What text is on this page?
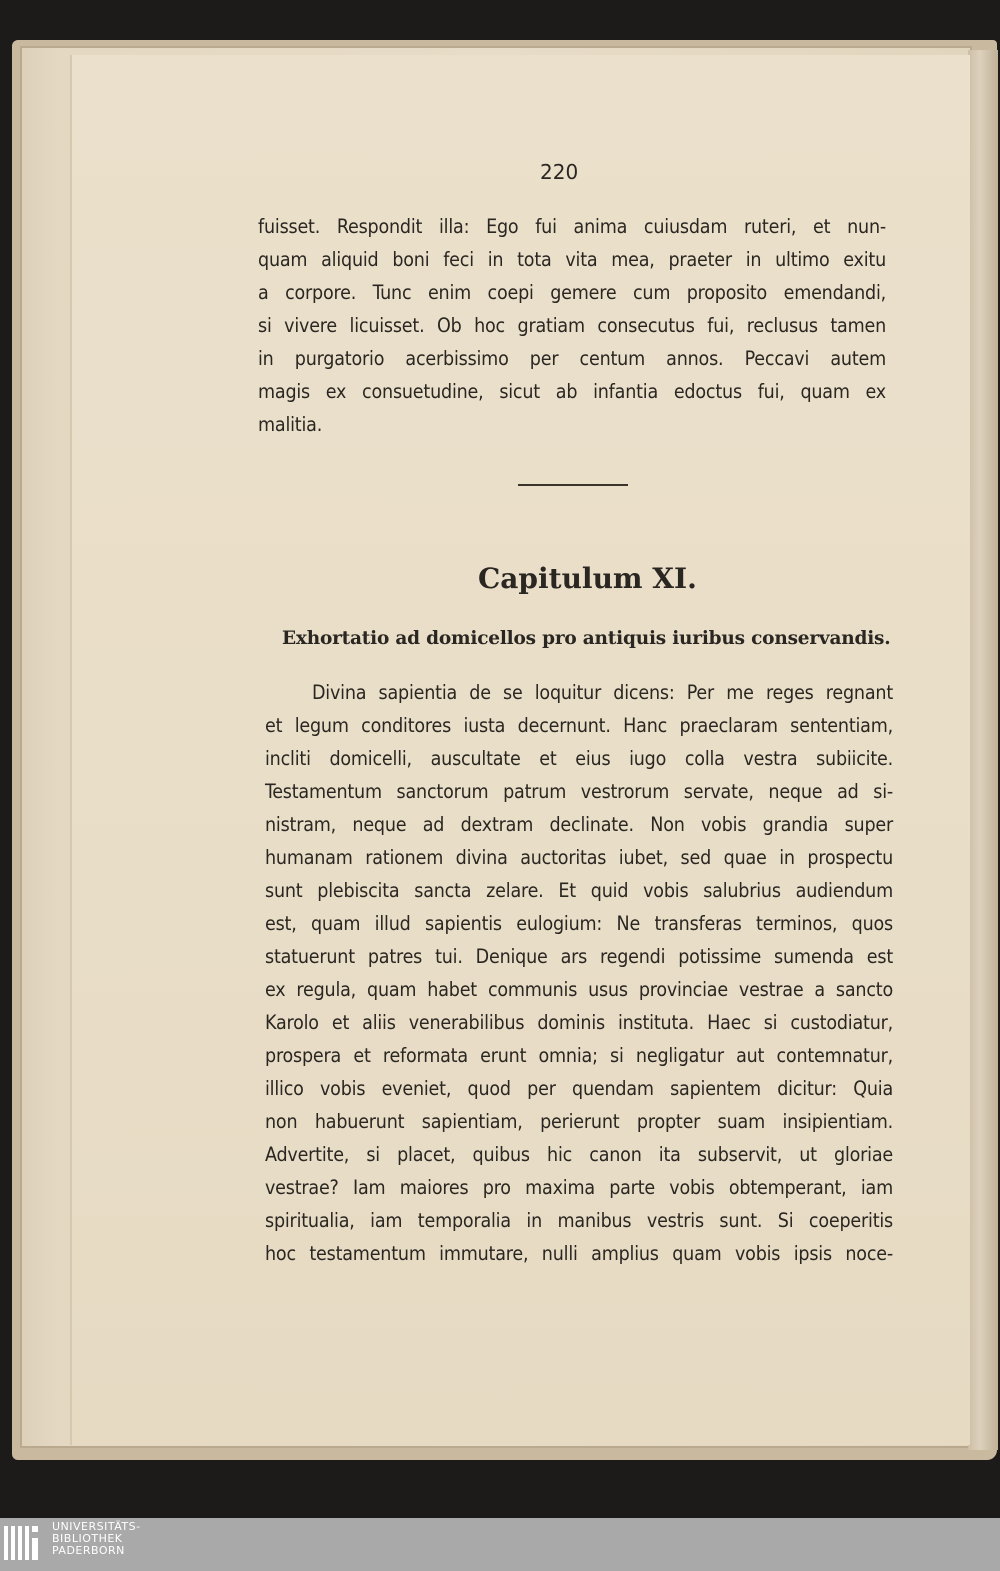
220
fuisset. Respondit illa: Ego fui anima cuiusdam ruteri, et nun-
quam aliquid boni feci in tota vita mea, praeter in ultimo exitu
a corpore. Tunc enim coepi gemere cum proposito emendandi,
si vivere licuisset. Ob hoc gratiam consecutus fui, reclusus tamen
in purgatorio acerbissimo per centum annos. Peccavi autem
magis ex consuetudine, sicut ab infantia edoctus fui, quam ex
malitia.
Capitulum XI.
Exhortatio ad domicellos pro antiquis iuribus conservandis.
Divina sapientia de se loquitur dicens: Per me reges regnant
et legum conditores iusta decernunt. Hanc praeclaram sententiam,
incliti domicelli, auscultate et eius iugo colla vestra subiicite.
Testamentum sanctorum patrum vestrorum servate, neque ad si-
nistram, neque ad dextram declinate. Non vobis grandia super
humanam rationem divina auctoritas iubet, sed quae in prospectu
sunt plebiscita sancta zelare. Et quid vobis salubrius audiendum
est, quam illud sapientis eulogium: Ne transferas terminos, quos
statuerunt patres tui. Denique ars regendi potissime sumenda est
ex regula, quam habet communis usus provinciae vestrae a sancto
Karolo et aliis venerabilibus dominis instituta. Haec si custodiatur,
prospera et reformata erunt omnia; si negligatur aut contemnatur,
illico vobis eveniet, quod per quendam sapientem dicitur: Quia
non habuerunt sapientiam, perierunt propter suam insipientiam.
Advertite, si placet, quibus hic canon ita subservit, ut gloriae
vestrae? Iam maiores pro maxima parte vobis obtemperant, iam
spiritualia, iam temporalia in manibus vestris sunt. Si coeperitis
hoc testamentum immutare, nulli amplius quam vobis ipsis noce-
UNIVERSITÄTS-
BIBLIOTHEK
PADERBORN
